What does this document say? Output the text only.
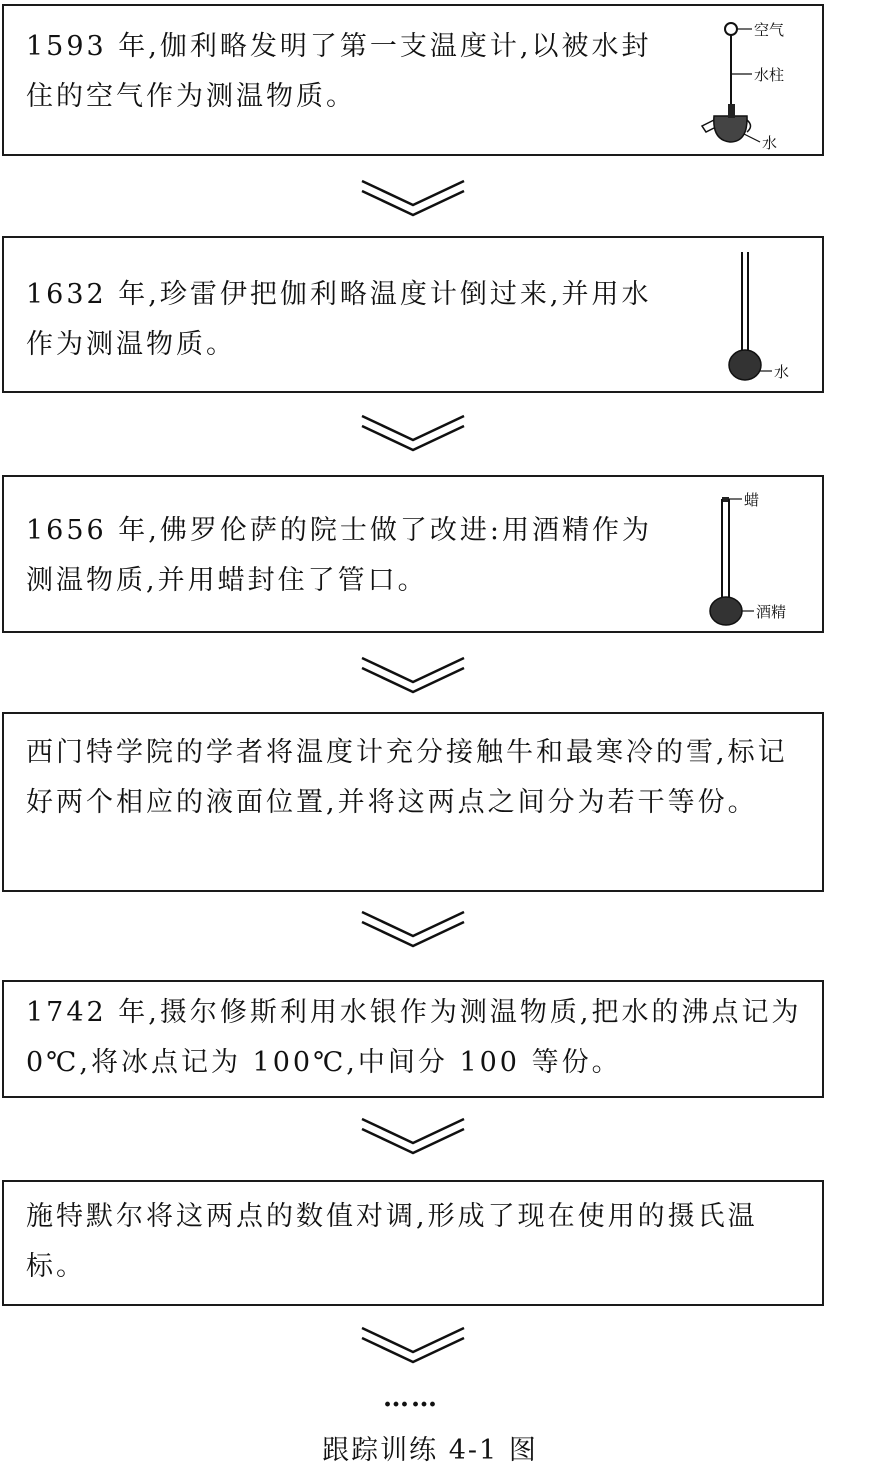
1593 年,伽利略发明了第一支温度计,以被水封住的空气作为测温物质。
空气
水柱
水
1632 年,珍雷伊把伽利略温度计倒过来,并用水作为测温物质。
水
1656 年,佛罗伦萨的院士做了改进:用酒精作为测温物质,并用蜡封住了管口。
蜡
酒精
西门特学院的学者将温度计充分接触牛和最寒冷的雪,标记好两个相应的液面位置,并将这两点之间分为若干等份。
1742 年,摄尔修斯利用水银作为测温物质,把水的沸点记为 0℃,将冰点记为 100℃,中间分 100 等份。
施特默尔将这两点的数值对调,形成了现在使用的摄氏温标。
……
跟踪训练 4-1 图
